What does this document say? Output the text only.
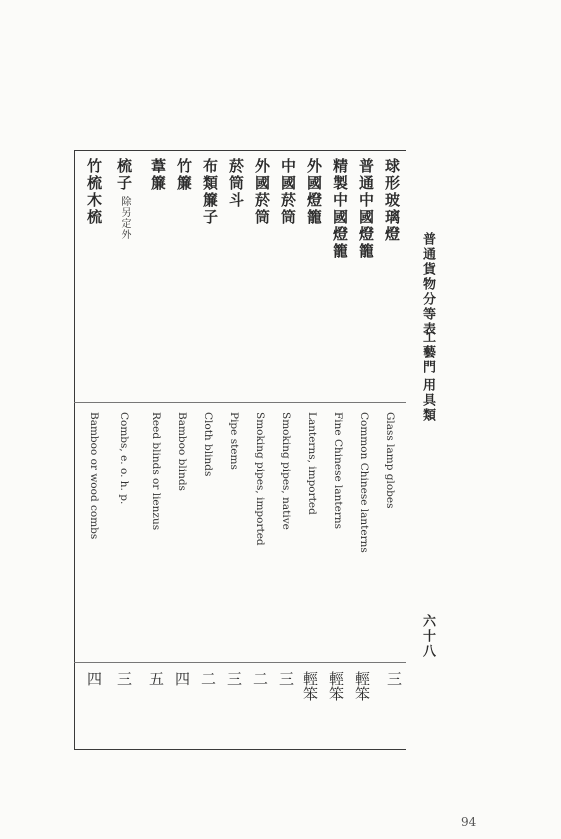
普通貨物分等表
工藝門
用具類
六十八
球形玻璃燈
普通中國燈籠
精製中國燈籠
外國燈籠
中國菸筒
外國菸筒
菸筒斗
布類簾子
竹簾
葦簾
梳子除另定外
竹梳木梳
Glass lamp globes
Common Chinese lanterns
Fine Chinese lanterns
Lanterns, imported
Smoking pipes, native
Smoking pipes, imported
Pipe stems
Cloth blinds
Bamboo blinds
Reed blinds or lienzus
Combs, e. o. h. p.
Bamboo or wood combs
三
輕笨
輕笨
輕笨
三
二
三
二
四
五
三
四
94
